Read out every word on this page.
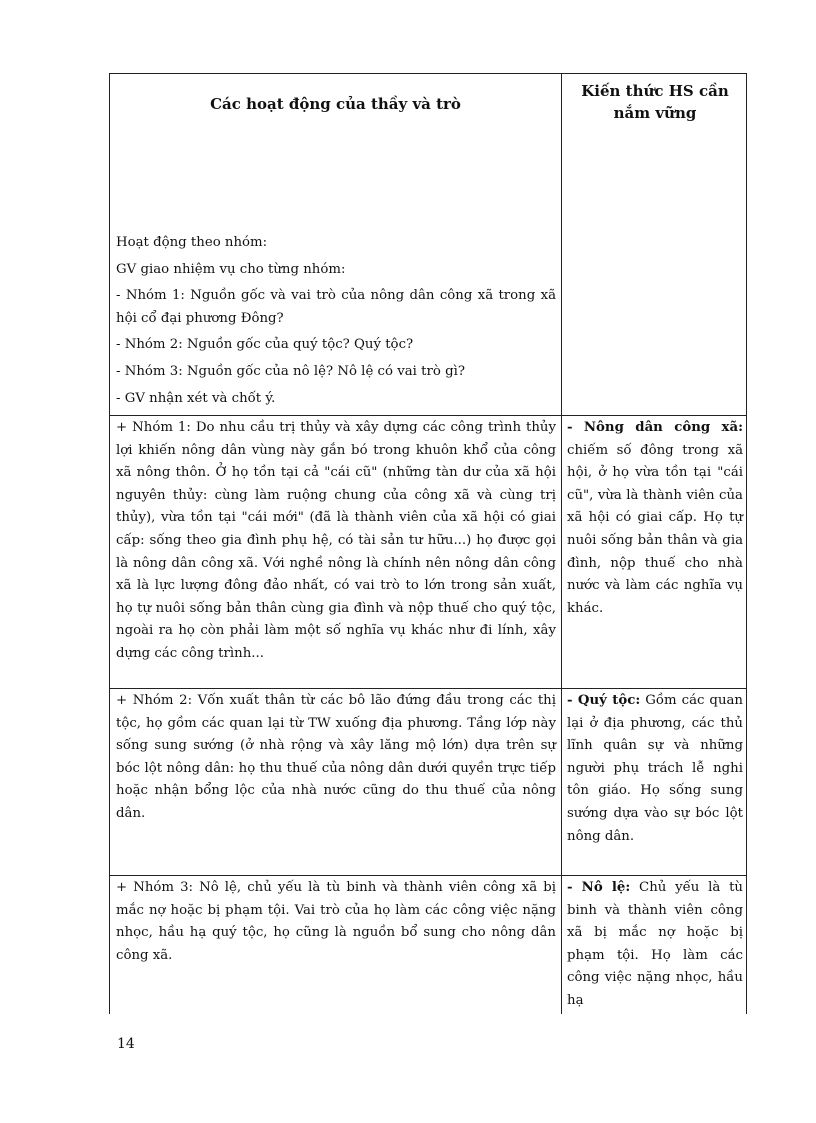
Các hoạt động của thầy và trò
Kiến thức HS cần nắm vững

Hoạt động theo nhóm:

GV giao nhiệm vụ cho từng nhóm:

- Nhóm 1: Nguồn gốc và vai trò của nông dân công xã trong xã hội cổ đại phương Đông?

- Nhóm 2: Nguồn gốc của quý tộc? Quý tộc?

- Nhóm 3: Nguồn gốc của nô lệ? Nô lệ có vai trò gì?

- GV nhận xét và chốt ý.

+ Nhóm 1: Do nhu cầu trị thủy và xây dựng các công trình thủy lợi khiến nông dân vùng này gắn bó trong khuôn khổ của công xã nông thôn. Ở họ tồn tại cả "cái cũ" (những tàn dư của xã hội nguyên thủy: cùng làm ruộng chung của công xã và cùng trị thủy), vừa tồn tại "cái mới" (đã là thành viên của xã hội có giai cấp: sống theo gia đình phụ hệ, có tài sản tư hữu...) họ được gọi là nông dân công xã. Với nghề nông là chính nên nông dân công xã là lực lượng đông đảo nhất, có vai trò to lớn trong sản xuất, họ tự nuôi sống bản thân cùng gia đình và nộp thuế cho quý tộc, ngoài ra họ còn phải làm một số nghĩa vụ khác như đi lính, xây dựng các công trình...
- Nông dân công xã: chiếm số đông trong xã hội, ở họ vừa tồn tại "cái cũ", vừa là thành viên của xã hội có giai cấp. Họ tự nuôi sống bản thân và gia đình, nộp thuế cho nhà nước và làm các nghĩa vụ khác.
+ Nhóm 2: Vốn xuất thân từ các bô lão đứng đầu trong các thị tộc, họ gồm các quan lại từ TW xuống địa phương. Tầng lớp này sống sung sướng (ở nhà rộng và xây lăng mộ lớn) dựa trên sự bóc lột nông dân: họ thu thuế của nông dân dưới quyền trực tiếp hoặc nhận bổng lộc của nhà nước cũng do thu thuế của nông dân.
- Quý tộc: Gồm các quan lại ở địa phương, các thủ lĩnh quân sự và những người phụ trách lễ nghi tôn giáo. Họ sống sung sướng dựa vào sự bóc lột nông dân.
+ Nhóm 3: Nô lệ, chủ yếu là tù binh và thành viên công xã bị mắc nợ hoặc bị phạm tội. Vai trò của họ làm các công việc nặng nhọc, hầu hạ quý tộc, họ cũng là nguồn bổ sung cho nông dân công xã.
- Nô lệ: Chủ yếu là tù binh và thành viên công xã bị mắc nợ hoặc bị phạm tội. Họ làm các công việc nặng nhọc, hầu hạ
14
